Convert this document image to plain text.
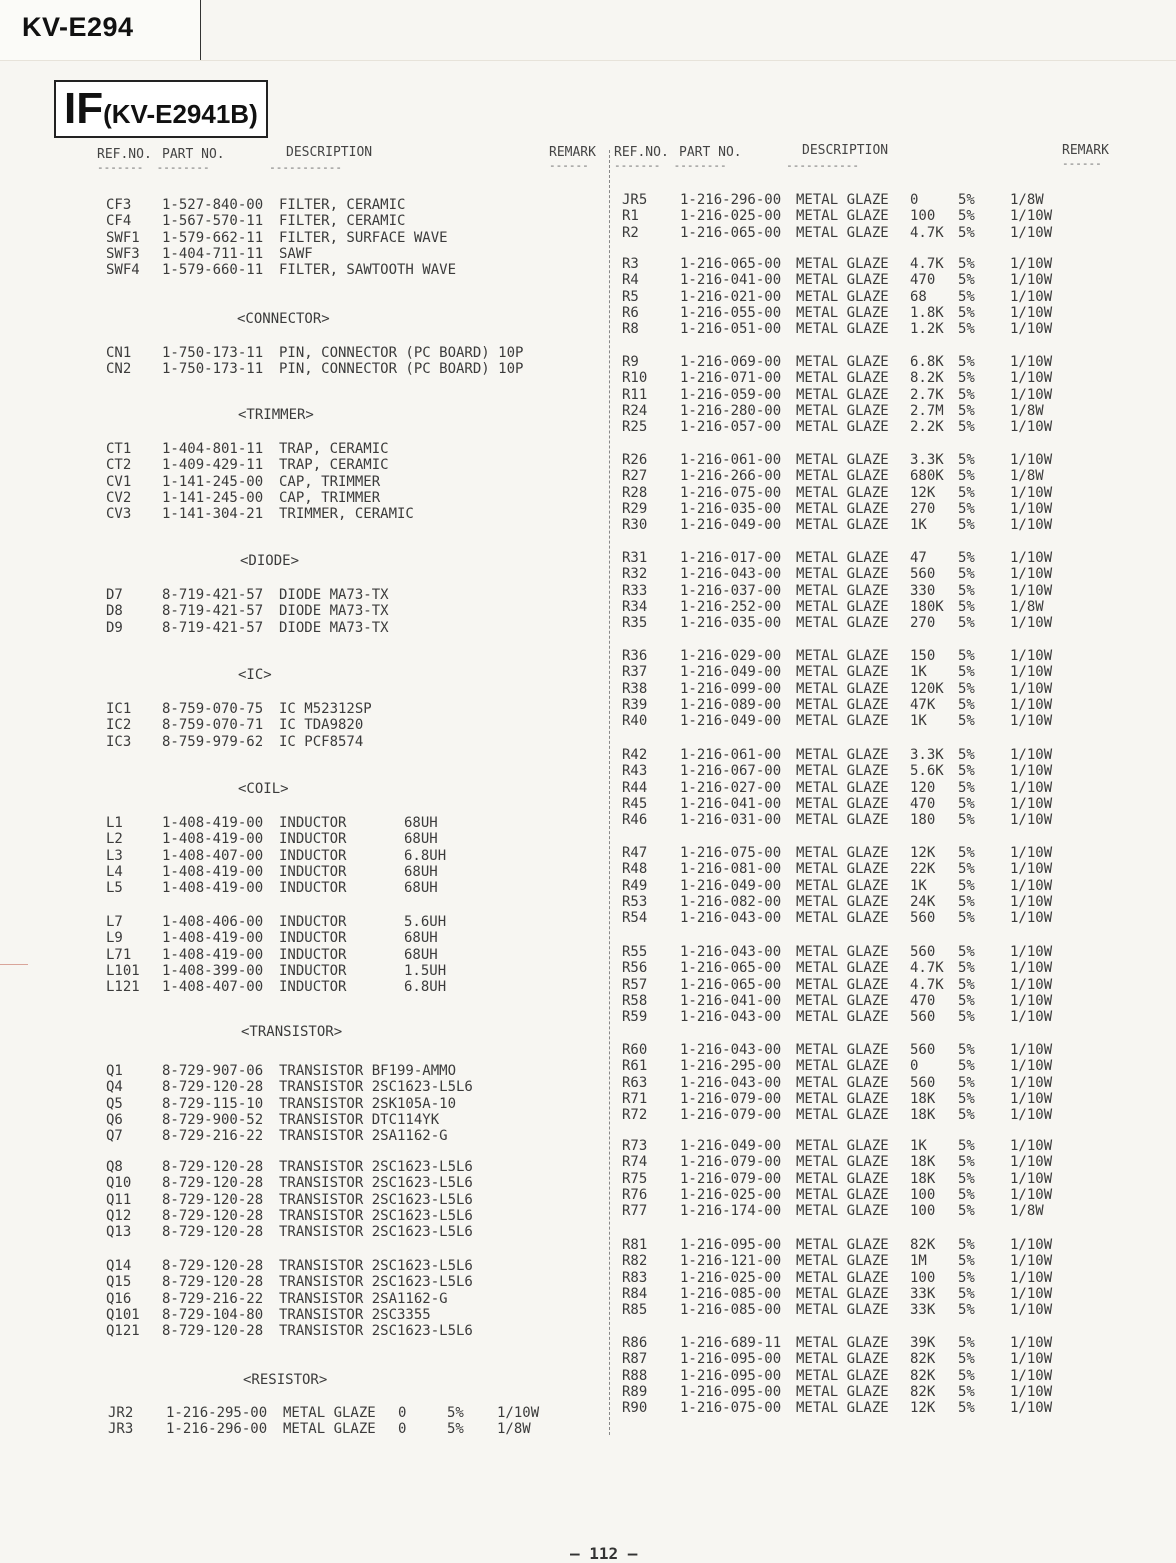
KV-E294
IF(KV-E2941B)
REF.NO. PART NO.	DESCRIPTION	REMARK
-------  --------         -----------	------
REF.NO. PART NO.	DESCRIPTION	REMARK
-------  --------         -----------	------
CF3 1-527-840-00 FILTER, CERAMIC
CF4 1-567-570-11 FILTER, CERAMIC
SWF1 1-579-662-11 FILTER, SURFACE WAVE
SWF3 1-404-711-11 SAWF
SWF4 1-579-660-11 FILTER, SAWTOOTH WAVE
<CONNECTOR>
CN1 1-750-173-11 PIN, CONNECTOR (PC BOARD) 10P
CN2 1-750-173-11 PIN, CONNECTOR (PC BOARD) 10P
<TRIMMER>
CT1 1-404-801-11 TRAP, CERAMIC
CT2 1-409-429-11 TRAP, CERAMIC
CV1 1-141-245-00 CAP, TRIMMER
CV2 1-141-245-00 CAP, TRIMMER
CV3 1-141-304-21 TRIMMER, CERAMIC
<DIODE>
D7	8-719-421-57 DIODE MA73-TX
D8	8-719-421-57 DIODE MA73-TX
D9	8-719-421-57 DIODE MA73-TX
<IC>
IC1 8-759-070-75 IC M52312SP
IC2 8-759-070-71 IC TDA9820
IC3 8-759-979-62 IC PCF8574
<COIL>
L1	1-408-419-00 INDUCTOR	68UH
L2	1-408-419-00 INDUCTOR	68UH
L3	1-408-407-00 INDUCTOR	6.8UH
L4	1-408-419-00 INDUCTOR	68UH
L5	1-408-419-00 INDUCTOR	68UH
L7	1-408-406-00 INDUCTOR	5.6UH
L9	1-408-419-00 INDUCTOR	68UH
L71 1-408-419-00 INDUCTOR	68UH
L101 1-408-399-00 INDUCTOR	1.5UH
L121 1-408-407-00 INDUCTOR	6.8UH
<TRANSISTOR>
Q1	8-729-907-06 TRANSISTOR BF199-AMMO
Q4	8-729-120-28 TRANSISTOR 2SC1623-L5L6
Q5	8-729-115-10 TRANSISTOR 2SK105A-10
Q6	8-729-900-52 TRANSISTOR DTC114YK
Q7	8-729-216-22 TRANSISTOR 2SA1162-G
Q8	8-729-120-28 TRANSISTOR 2SC1623-L5L6
Q10 8-729-120-28 TRANSISTOR 2SC1623-L5L6
Q11 8-729-120-28 TRANSISTOR 2SC1623-L5L6
Q12 8-729-120-28 TRANSISTOR 2SC1623-L5L6
Q13 8-729-120-28 TRANSISTOR 2SC1623-L5L6
Q14 8-729-120-28 TRANSISTOR 2SC1623-L5L6
Q15 8-729-120-28 TRANSISTOR 2SC1623-L5L6
Q16 8-729-216-22 TRANSISTOR 2SA1162-G
Q101 8-729-104-80 TRANSISTOR 2SC3355
Q121 8-729-120-28 TRANSISTOR 2SC1623-L5L6
<RESISTOR>
JR2 1-216-295-00 METAL GLAZE 0	5% 1/10W
JR3 1-216-296-00 METAL GLAZE 0	5% 1/8W
JR5 1-216-296-00 METAL GLAZE 0	5%	1/8W
R1	1-216-025-00 METAL GLAZE 100 5%	1/10W
R2	1-216-065-00 METAL GLAZE 4.7K 5%	1/10W
R3	1-216-065-00 METAL GLAZE 4.7K 5%	1/10W
R4	1-216-041-00 METAL GLAZE 470 5%	1/10W
R5	1-216-021-00 METAL GLAZE 68 5%	1/10W
R6	1-216-055-00 METAL GLAZE 1.8K 5%	1/10W
R8	1-216-051-00 METAL GLAZE 1.2K 5%	1/10W
R9	1-216-069-00 METAL GLAZE 6.8K 5%	1/10W
R10 1-216-071-00 METAL GLAZE 8.2K 5%	1/10W
R11 1-216-059-00 METAL GLAZE 2.7K 5%	1/10W
R24 1-216-280-00 METAL GLAZE 2.7M 5%	1/8W
R25 1-216-057-00 METAL GLAZE 2.2K 5%	1/10W
R26 1-216-061-00 METAL GLAZE 3.3K 5%	1/10W
R27 1-216-266-00 METAL GLAZE 680K 5%	1/8W
R28 1-216-075-00 METAL GLAZE 12K 5%	1/10W
R29 1-216-035-00 METAL GLAZE 270 5%	1/10W
R30 1-216-049-00 METAL GLAZE 1K 5%	1/10W
R31 1-216-017-00 METAL GLAZE 47 5%	1/10W
R32 1-216-043-00 METAL GLAZE 560 5%	1/10W
R33 1-216-037-00 METAL GLAZE 330 5%	1/10W
R34 1-216-252-00 METAL GLAZE 180K 5%	1/8W
R35 1-216-035-00 METAL GLAZE 270 5%	1/10W
R36 1-216-029-00 METAL GLAZE 150 5%	1/10W
R37 1-216-049-00 METAL GLAZE 1K 5%	1/10W
R38 1-216-099-00 METAL GLAZE 120K 5%	1/10W
R39 1-216-089-00 METAL GLAZE 47K 5%	1/10W
R40 1-216-049-00 METAL GLAZE 1K 5%	1/10W
R42 1-216-061-00 METAL GLAZE 3.3K 5%	1/10W
R43 1-216-067-00 METAL GLAZE 5.6K 5%	1/10W
R44 1-216-027-00 METAL GLAZE 120 5%	1/10W
R45 1-216-041-00 METAL GLAZE 470 5%	1/10W
R46 1-216-031-00 METAL GLAZE 180 5%	1/10W
R47 1-216-075-00 METAL GLAZE 12K 5%	1/10W
R48 1-216-081-00 METAL GLAZE 22K 5%	1/10W
R49 1-216-049-00 METAL GLAZE 1K 5%	1/10W
R53 1-216-082-00 METAL GLAZE 24K 5%	1/10W
R54 1-216-043-00 METAL GLAZE 560 5%	1/10W
R55 1-216-043-00 METAL GLAZE 560 5%	1/10W
R56 1-216-065-00 METAL GLAZE 4.7K 5%	1/10W
R57 1-216-065-00 METAL GLAZE 4.7K 5%	1/10W
R58 1-216-041-00 METAL GLAZE 470 5%	1/10W
R59 1-216-043-00 METAL GLAZE 560 5%	1/10W
R60 1-216-043-00 METAL GLAZE 560 5%	1/10W
R61 1-216-295-00 METAL GLAZE 0	5%	1/10W
R63 1-216-043-00 METAL GLAZE 560 5%	1/10W
R71 1-216-079-00 METAL GLAZE 18K 5%	1/10W
R72 1-216-079-00 METAL GLAZE 18K 5%	1/10W
R73 1-216-049-00 METAL GLAZE 1K 5%	1/10W
R74 1-216-079-00 METAL GLAZE 18K 5%	1/10W
R75 1-216-079-00 METAL GLAZE 18K 5%	1/10W
R76 1-216-025-00 METAL GLAZE 100 5%	1/10W
R77 1-216-174-00 METAL GLAZE 100 5%	1/8W
R81 1-216-095-00 METAL GLAZE 82K 5%	1/10W
R82 1-216-121-00 METAL GLAZE 1M 5%	1/10W
R83 1-216-025-00 METAL GLAZE 100 5%	1/10W
R84 1-216-085-00 METAL GLAZE 33K 5%	1/10W
R85 1-216-085-00 METAL GLAZE 33K 5%	1/10W
R86 1-216-689-11 METAL GLAZE 39K 5%	1/10W
R87 1-216-095-00 METAL GLAZE 82K 5%	1/10W
R88 1-216-095-00 METAL GLAZE 82K 5%	1/10W
R89 1-216-095-00 METAL GLAZE 82K 5%	1/10W
R90 1-216-075-00 METAL GLAZE 12K 5%	1/10W
— 112 —
